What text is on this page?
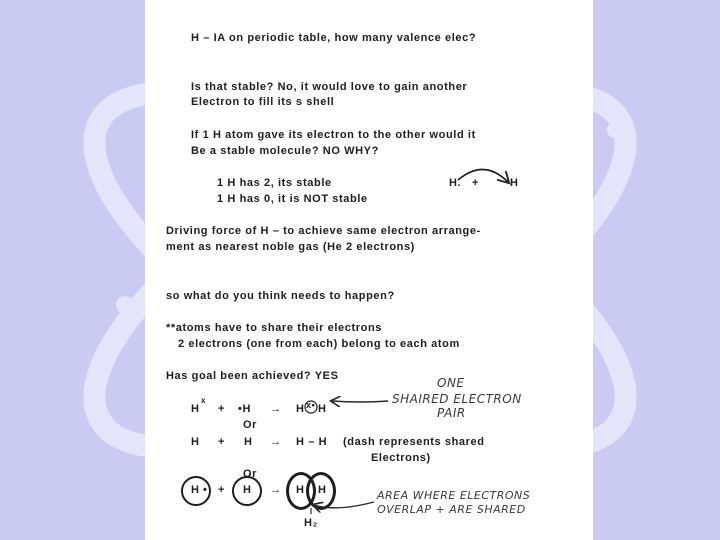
H – IA on periodic table, how many valence elec?
Is that stable? No, it would love to gain another
Electron to fill its s shell
If 1 H atom gave its electron to the other would it
Be a stable molecule? NO WHY?
1 H has 2, its stable
1 H has 0, it is NOT stable
H. +	H
Driving force of H – to achieve same electron arrange-
ment as nearest noble gas (He 2 electrons)
so what do you think needs to happen?
**atoms have to share their electrons
2 electrons (one from each) belong to each atom
Has goal been achieved? YES
H
x
+ •H → H x• H
Or
H + H → H – H (dash represents shared
Electrons)
Or
H • + H → H H
H₂
ONE
SHAIRED ELECTRON
PAIR
AREA WHERE ELECTRONS
OVERLAP + ARE SHARED
